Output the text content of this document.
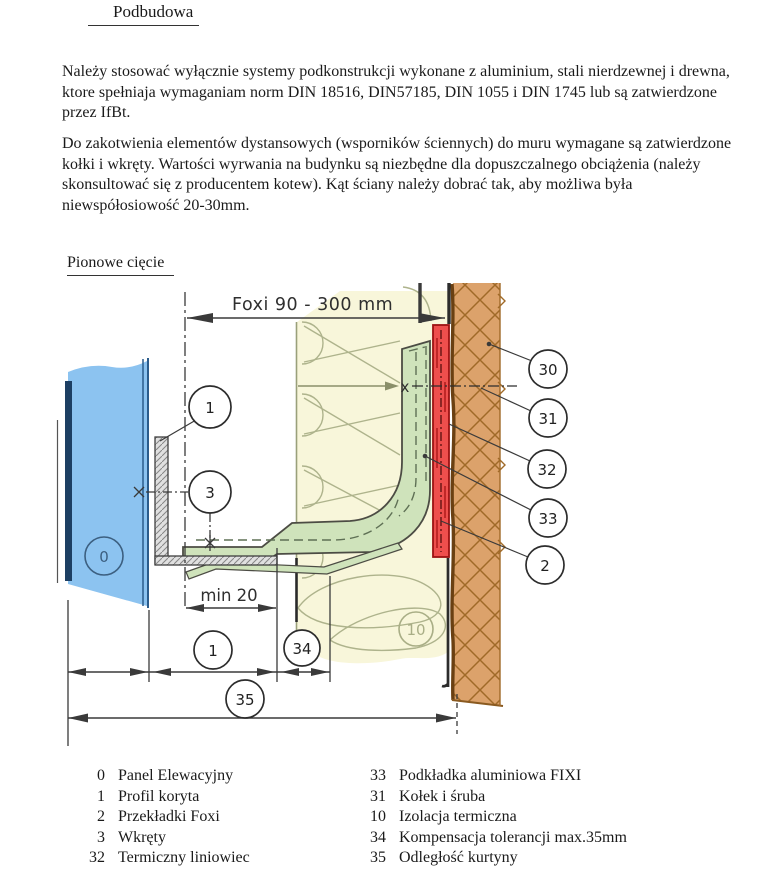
Podbudowa
Należy stosować wyłącznie systemy podkonstrukcji wykonane z aluminium, stali nierdzewnej i drewna,
ktore spełniaja wymaganiam norm DIN 18516, DIN57185, DIN 1055 i DIN 1745 lub są zatwierdzone
przez IfBt.
Do zakotwienia elementów dystansowych (wsporników ściennych) do muru wymagane są zatwierdzone
kołki i wkręty. Wartości wyrwania na budynku są niezbędne dla dopuszczalnego obciążenia (należy
skonsultować się z producentem kotew). Kąt ściany należy dobrać tak, aby możliwa była
niewspółosiowość 20-30mm.
Pionowe cięcie
x
Foxi 90 - 300 mm
min 20
1
3
0
30
31
32
33
2
10
1	34
35
0 Panel Elewacyjny
1 Profil koryta
2 Przekładki Foxi
3 Wkręty
32 Termiczny liniowiec
33 Podkładka aluminiowa FIXI
31 Kołek i śruba
10 Izolacja termiczna
34 Kompensacja tolerancji max.35mm
35 Odległość kurtyny
